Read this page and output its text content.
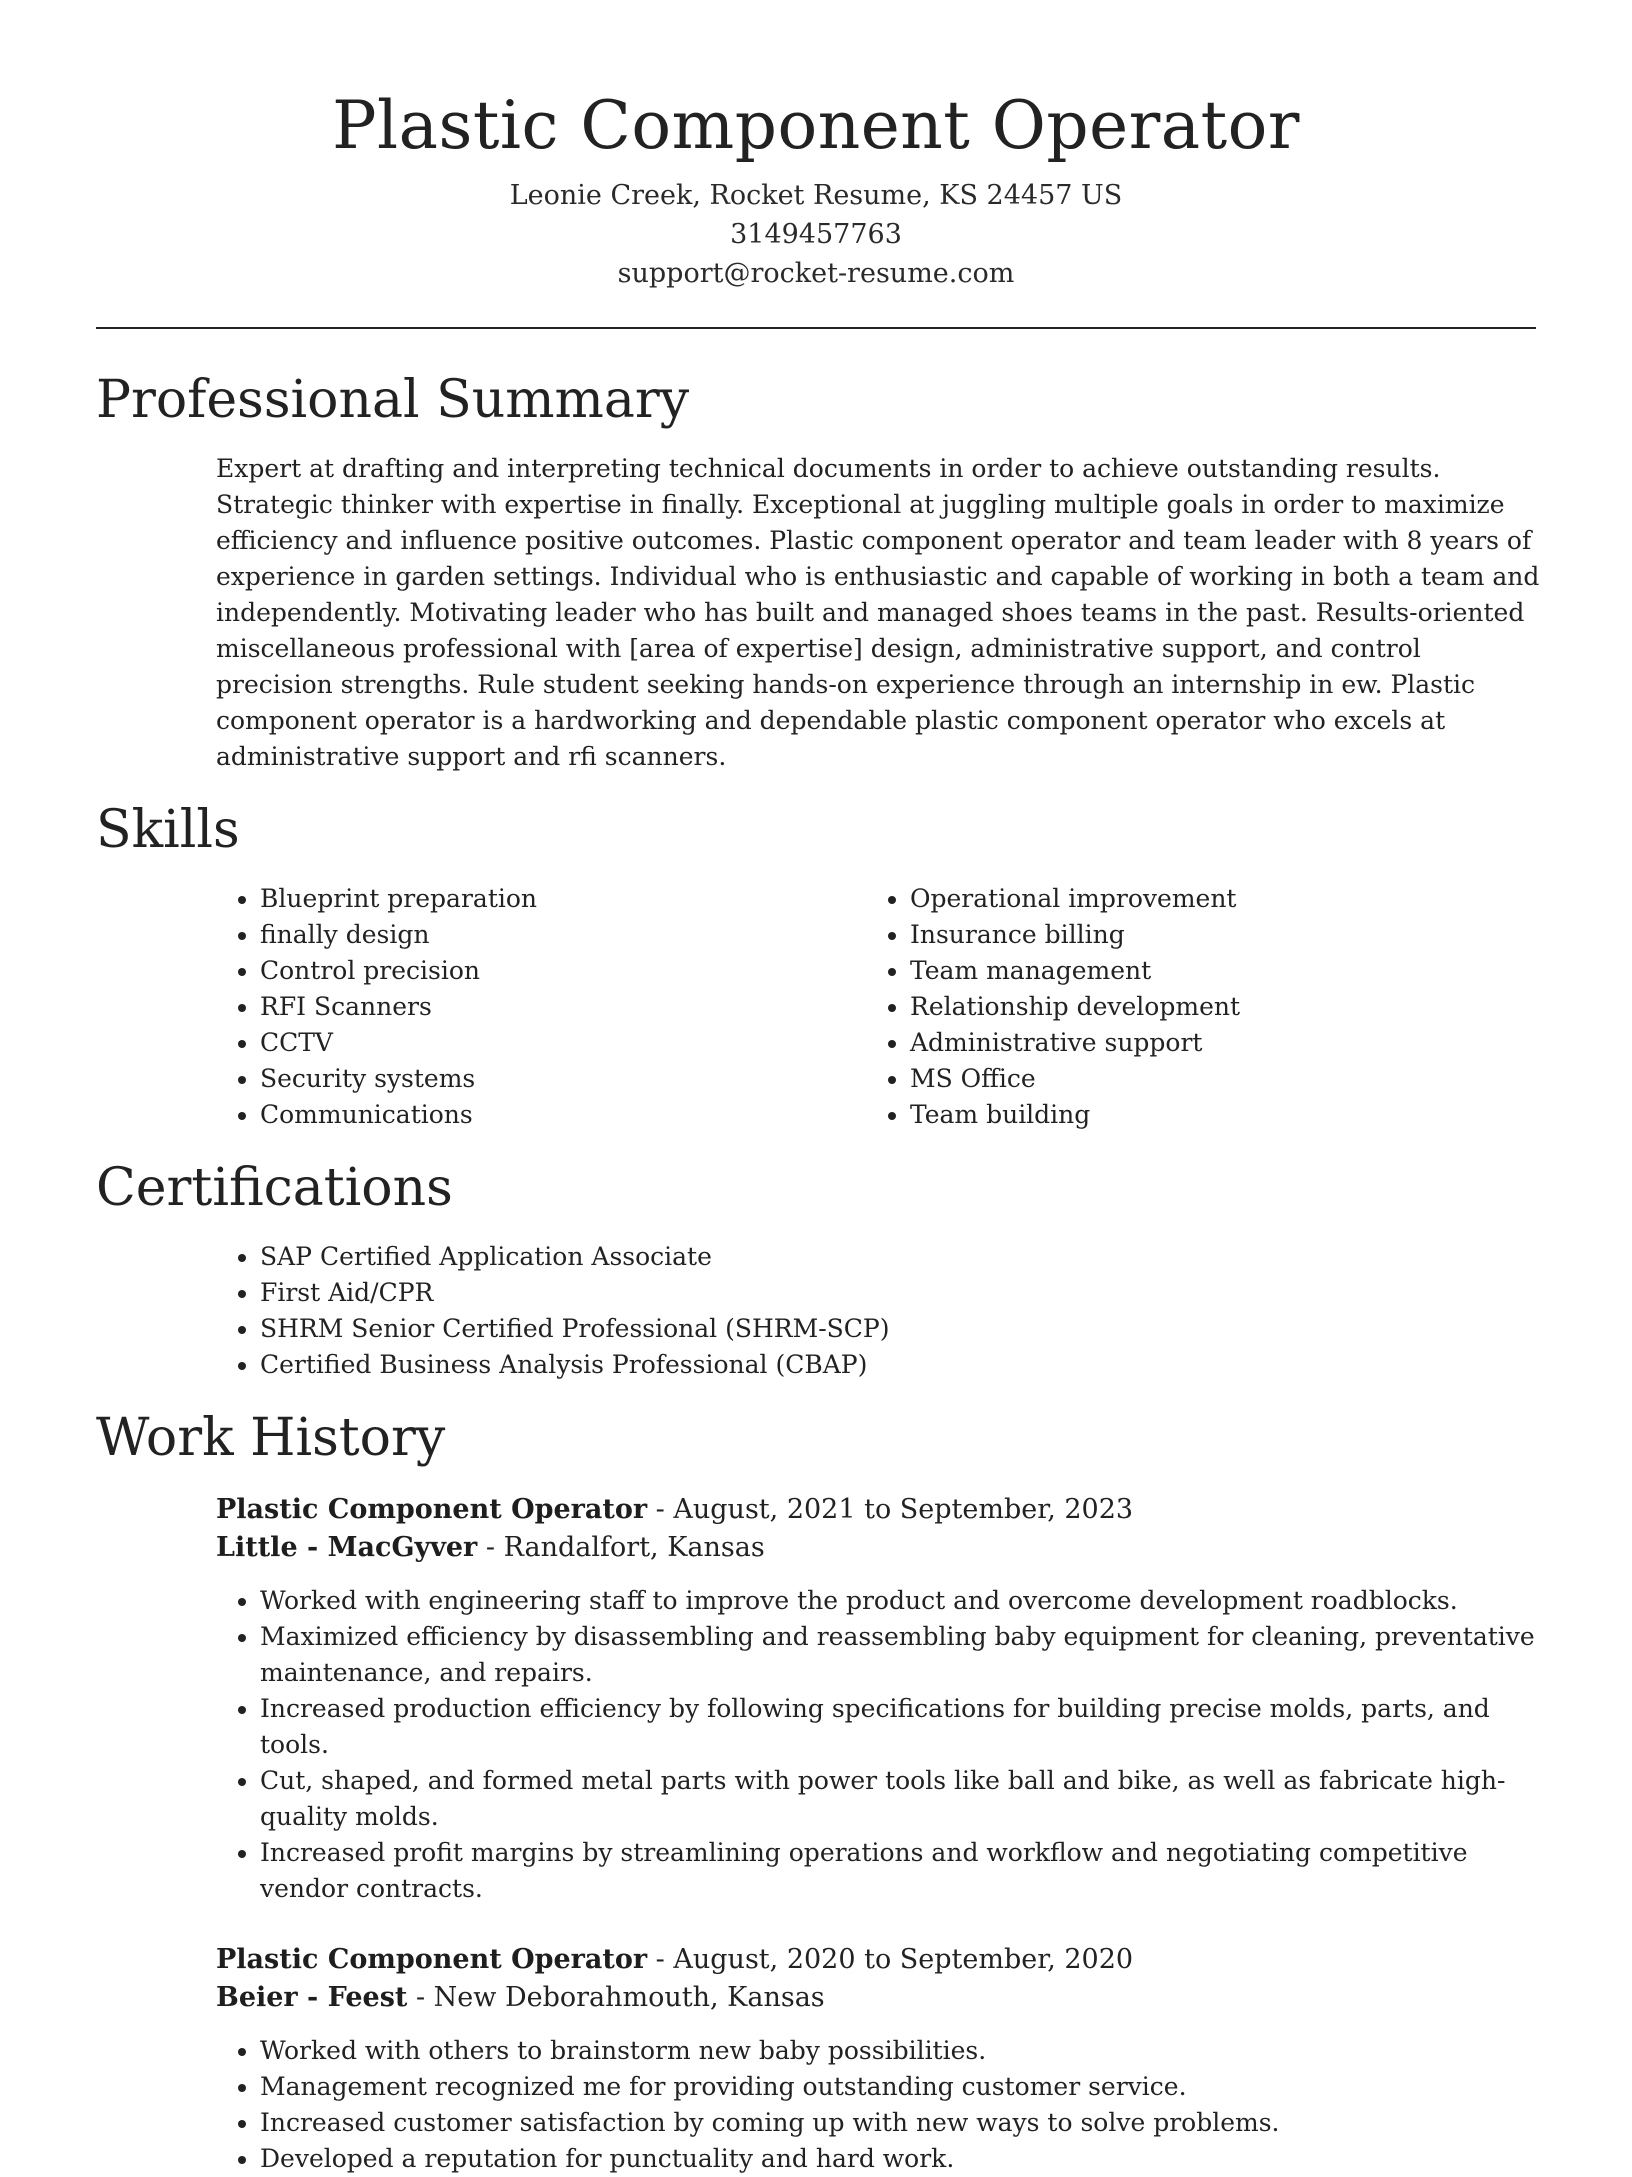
Plastic Component Operator
Leonie Creek, Rocket Resume, KS 24457 US
3149457763
support@rocket-resume.com
Professional Summary

Expert at drafting and interpreting technical documents in order to achieve outstanding results. Strategic thinker with expertise in finally. Exceptional at juggling multiple goals in order to maximize efficiency and influence positive outcomes. Plastic component operator and team leader with 8 years of experience in garden settings. Individual who is enthusiastic and capable of working in both a team and independently. Motivating leader who has built and managed shoes teams in the past. Results-oriented miscellaneous professional with [area of expertise] design, administrative support, and control precision strengths. Rule student seeking hands-on experience through an internship in ew. Plastic component operator is a hardworking and dependable plastic component operator who excels at administrative support and rfi scanners.

Skills
• Blueprint preparation
• finally design
• Control precision
• RFI Scanners
• CCTV
• Security systems
• Communications
• Operational improvement
• Insurance billing
• Team management
• Relationship development
• Administrative support
• MS Office
• Team building
Certifications
• SAP Certified Application Associate
• First Aid/CPR
• SHRM Senior Certified Professional (SHRM-SCP)
• Certified Business Analysis Professional (CBAP)
Work History
Plastic Component Operator - August, 2021 to September, 2023
Little - MacGyver - Randalfort, Kansas
• Worked with engineering staff to improve the product and overcome development roadblocks.
• Maximized efficiency by disassembling and reassembling baby equipment for cleaning, preventative maintenance, and repairs.
• Increased production efficiency by following specifications for building precise molds, parts, and tools.
• Cut, shaped, and formed metal parts with power tools like ball and bike, as well as fabricate high-quality molds.
• Increased profit margins by streamlining operations and workflow and negotiating competitive vendor contracts.
Plastic Component Operator - August, 2020 to September, 2020
Beier - Feest - New Deborahmouth, Kansas
• Worked with others to brainstorm new baby possibilities.
• Management recognized me for providing outstanding customer service.
• Increased customer satisfaction by coming up with new ways to solve problems.
• Developed a reputation for punctuality and hard work.
